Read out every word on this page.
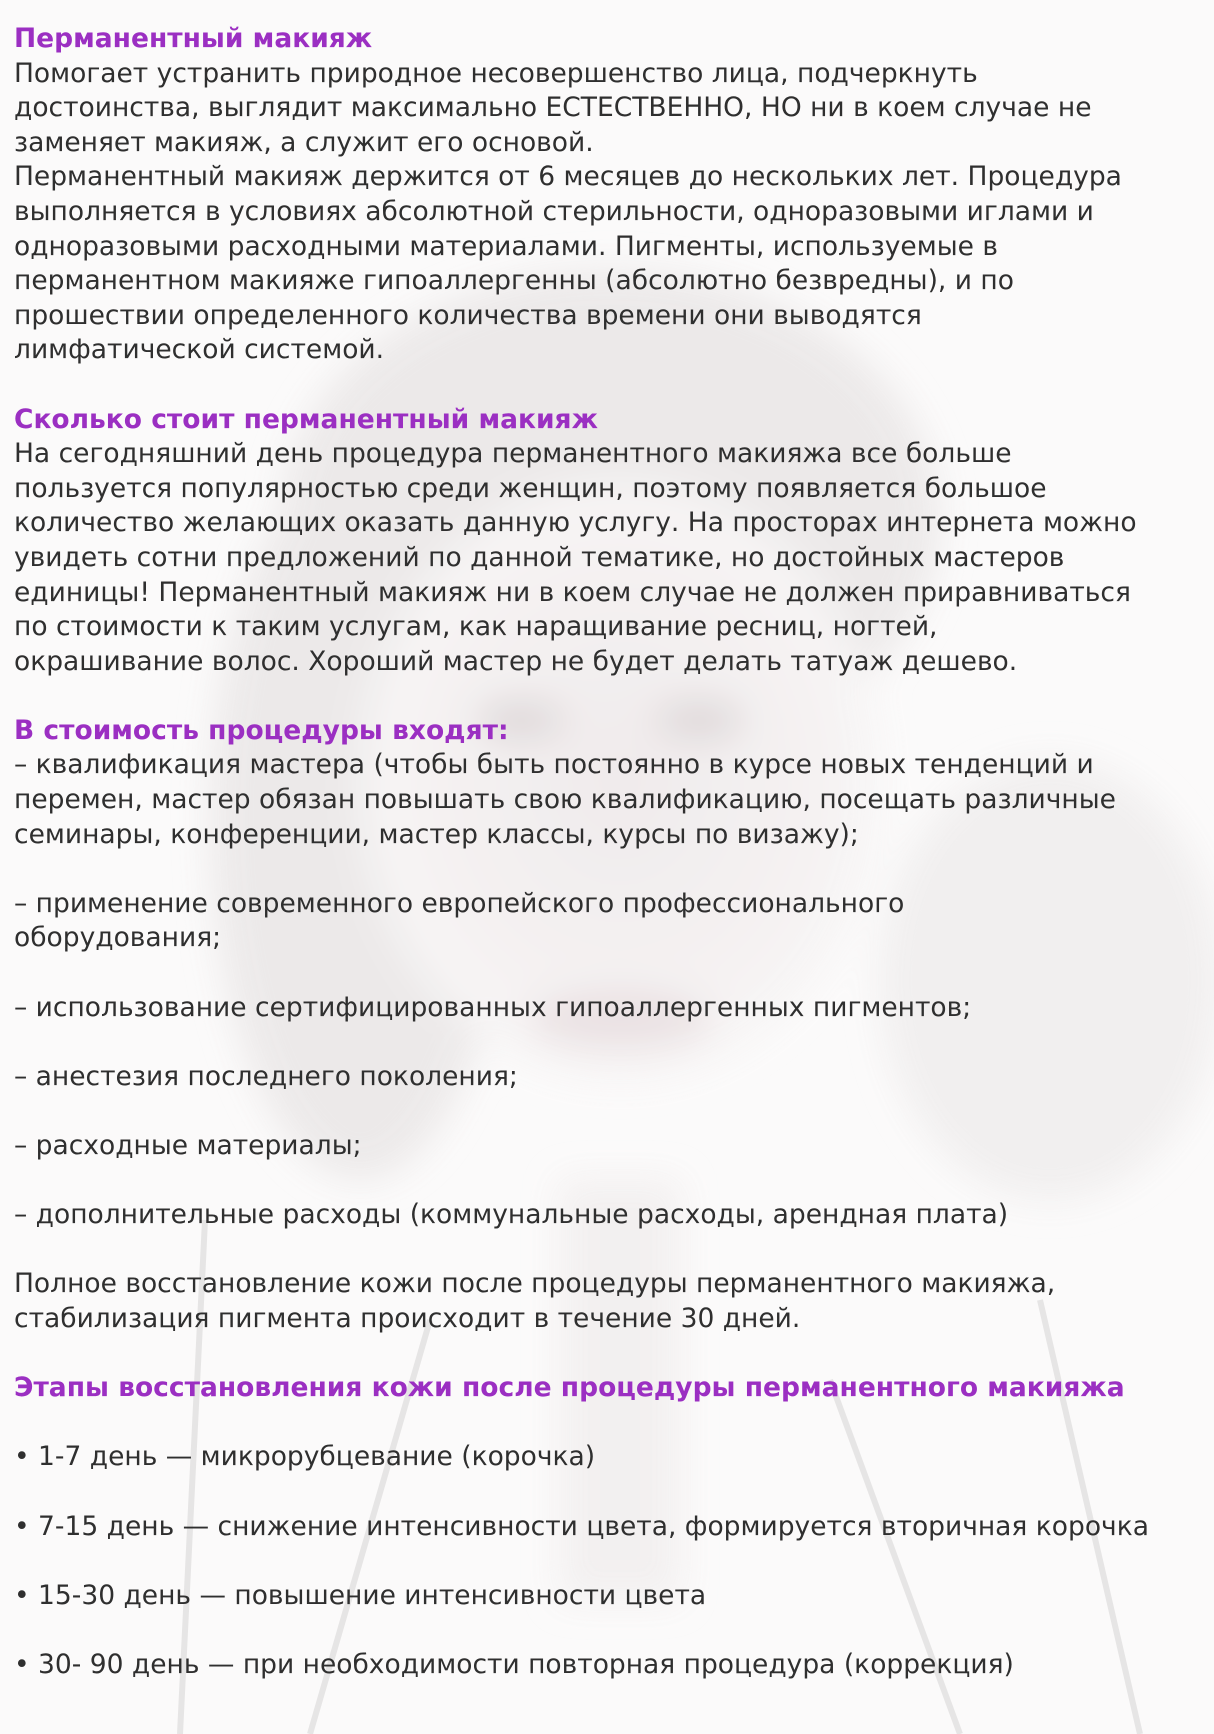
Перманентный макияж
Помогает устранить природное несовершенство лица, подчеркнуть
достоинства, выглядит максимально ЕСТЕСТВЕННО, НО ни в коем случае не
заменяет макияж, а служит его основой.
Перманентный макияж держится от 6 месяцев до нескольких лет. Процедура
выполняется в условиях абсолютной стерильности, одноразовыми иглами и
одноразовыми расходными материалами. Пигменты, используемые в
перманентном макияже гипоаллергенны (абсолютно безвредны), и по
прошествии определенного количества времени они выводятся
лимфатической системой.
Сколько стоит перманентный макияж
На сегодняшний день процедура перманентного макияжа все больше
пользуется популярностью среди женщин, поэтому появляется большое
количество желающих оказать данную услугу. На просторах интернета можно
увидеть сотни предложений по данной тематике, но достойных мастеров
единицы! Перманентный макияж ни в коем случае не должен приравниваться
по стоимости к таким услугам, как наращивание ресниц, ногтей,
окрашивание волос. Хороший мастер не будет делать татуаж дешево.
В стоимость процедуры входят:
– квалификация мастера (чтобы быть постоянно в курсе новых тенденций и
перемен, мастер обязан повышать свою квалификацию, посещать различные
семинары, конференции, мастер классы, курсы по визажу);
– применение современного европейского профессионального
оборудования;
– использование сертифицированных гипоаллергенных пигментов;
– анестезия последнего поколения;
– расходные материалы;
– дополнительные расходы (коммунальные расходы, арендная плата)
Полное восстановление кожи после процедуры перманентного макияжа,
стабилизация пигмента происходит в течение 30 дней.
Этапы восстановления кожи после процедуры перманентного макияжа
• 1-7 день — микрорубцевание (корочка)
• 7-15 день — снижение интенсивности цвета, формируется вторичная корочка
• 15-30 день — повышение интенсивности цвета
• 30- 90 день — при необходимости повторная процедура (коррекция)
